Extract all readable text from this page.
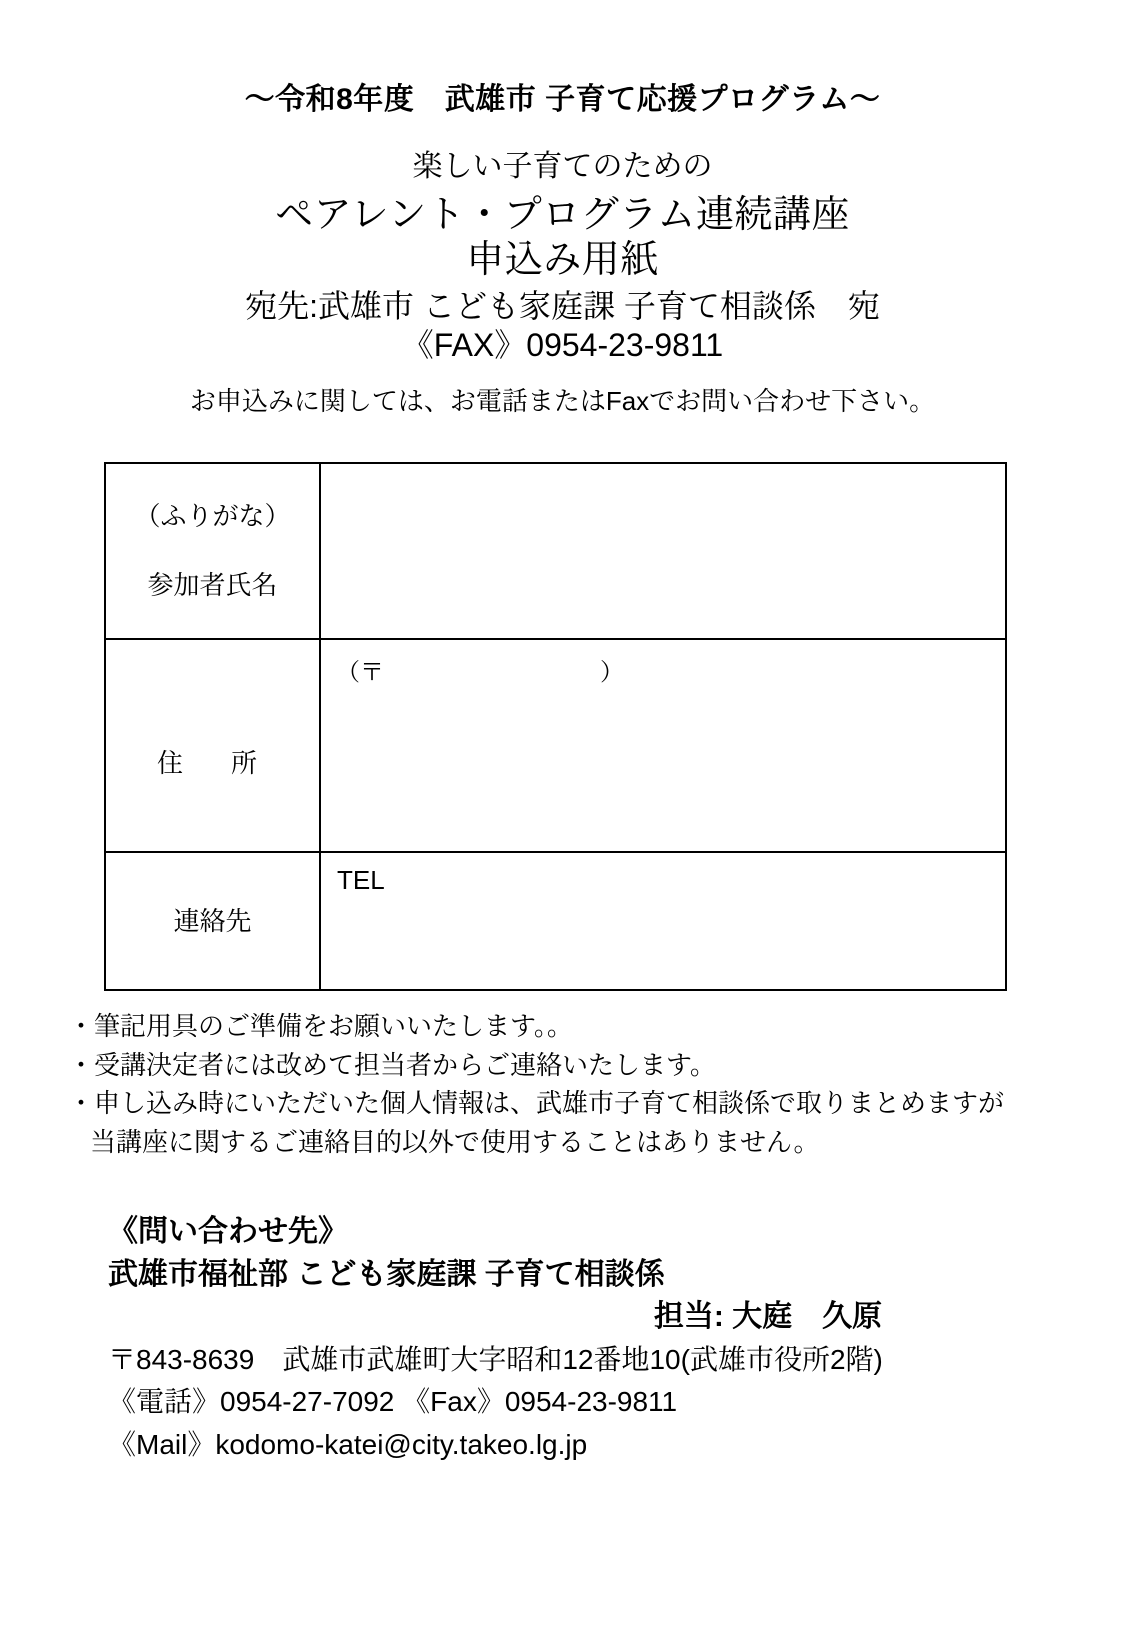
～令和8年度　武雄市 子育て応援プログラム～
楽しい子育てのための
ペアレント・プログラム連続講座
申込み用紙
宛先:武雄市 こども家庭課 子育て相談係　宛
《FAX》0954-23-9811
お申込みに関しては、お電話またはFaxでお問い合わせ下さい。

（ふりがな）

参加者氏名	

住　所	（〒　　　　　　　　　）

連絡先	TEL
・筆記用具のご準備をお願いいたします。。
・受講決定者には改めて担当者からご連絡いたします。
・申し込み時にいただいた個人情報は、武雄市子育て相談係で取りまとめますが
当講座に関するご連絡目的以外で使用することはありません。
《問い合わせ先》
武雄市福祉部 こども家庭課 子育て相談係
担当: 大庭　久原
〒843-8639　武雄市武雄町大字昭和12番地10(武雄市役所2階)
《電話》0954-27-7092 《Fax》0954-23-9811
《Mail》kodomo-katei@city.takeo.lg.jp
